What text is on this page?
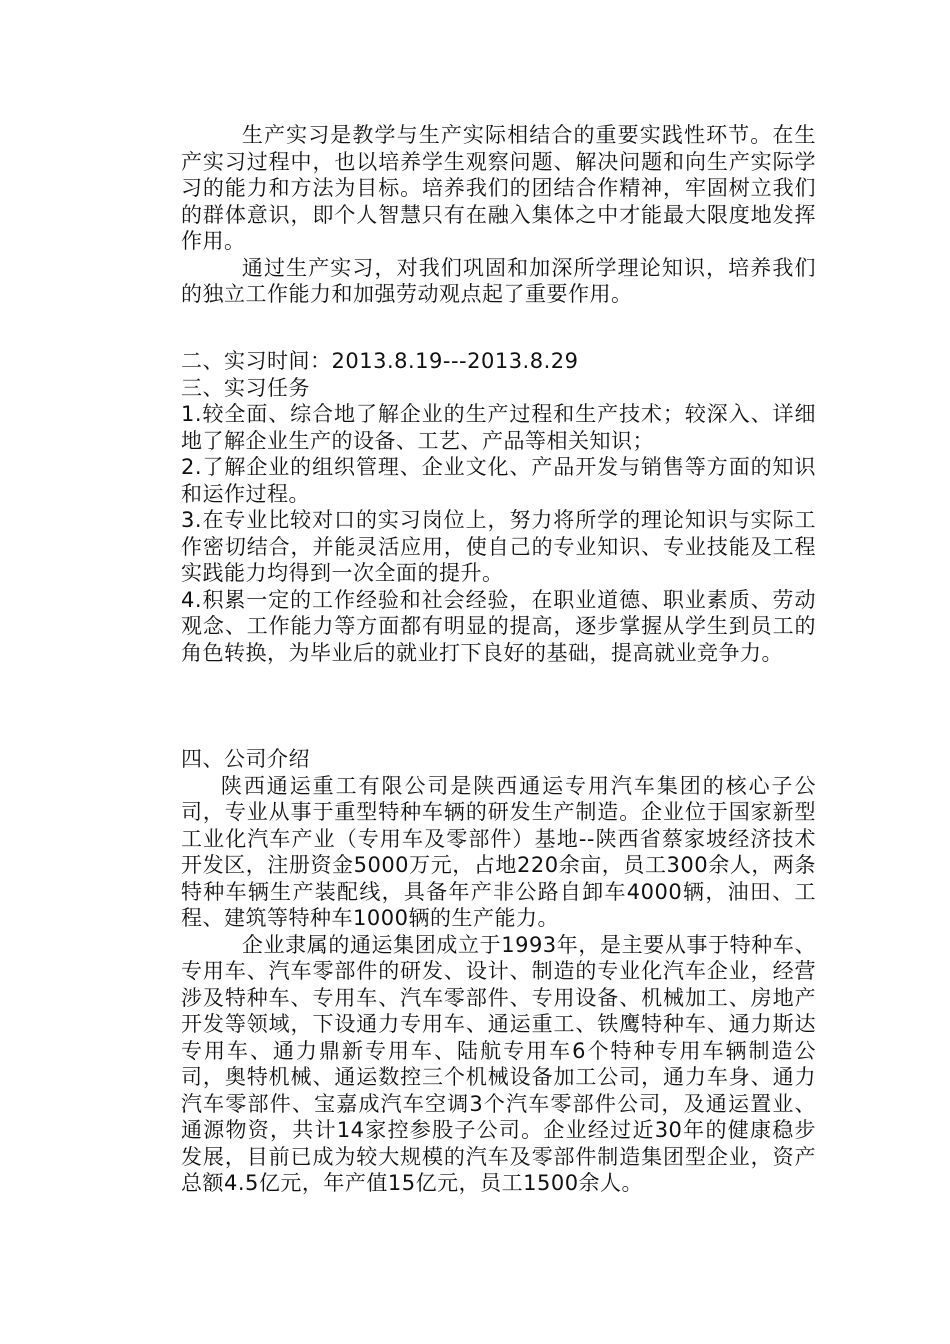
生产实习是教学与生产实际相结合的重要实践性环节。在生产实习过程中，也以培养学生观察问题、解决问题和向生产实际学习的能力和方法为目标。培养我们的团结合作精神，牢固树立我们的群体意识，即个人智慧只有在融入集体之中才能最大限度地发挥作用。

通过生产实习，对我们巩固和加深所学理论知识，培养我们的独立工作能力和加强劳动观点起了重要作用。

二、实习时间：2013.8.19---2013.8.29

三、实习任务

1.较全面、综合地了解企业的生产过程和生产技术；较深入、详细地了解企业生产的设备、工艺、产品等相关知识；

2.了解企业的组织管理、企业文化、产品开发与销售等方面的知识和运作过程。

3.在专业比较对口的实习岗位上，努力将所学的理论知识与实际工作密切结合，并能灵活应用，使自己的专业知识、专业技能及工程实践能力均得到一次全面的提升。

4.积累一定的工作经验和社会经验，在职业道德、职业素质、劳动观念、工作能力等方面都有明显的提高，逐步掌握从学生到员工的角色转换，为毕业后的就业打下良好的基础，提高就业竞争力。

四、公司介绍

陕西通运重工有限公司是陕西通运专用汽车集团的核心子公司，专业从事于重型特种车辆的研发生产制造。企业位于国家新型工业化汽车产业（专用车及零部件）基地--陕西省蔡家坡经济技术开发区，注册资金5000万元，占地220余亩，员工300余人，两条特种车辆生产装配线，具备年产非公路自卸车4000辆，油田、工程、建筑等特种车1000辆的生产能力。

企业隶属的通运集团成立于1993年，是主要从事于特种车、专用车、汽车零部件的研发、设计、制造的专业化汽车企业，经营涉及特种车、专用车、汽车零部件、专用设备、机械加工、房地产开发等领域，下设通力专用车、通运重工、铁鹰特种车、通力斯达专用车、通力鼎新专用车、陆航专用车6个特种专用车辆制造公司，奥特机械、通运数控三个机械设备加工公司，通力车身、通力汽车零部件、宝嘉成汽车空调3个汽车零部件公司，及通运置业、通源物资，共计14家控参股子公司。企业经过近30年的健康稳步发展，目前已成为较大规模的汽车及零部件制造集团型企业，资产总额4.5亿元，年产值15亿元，员工1500余人。
